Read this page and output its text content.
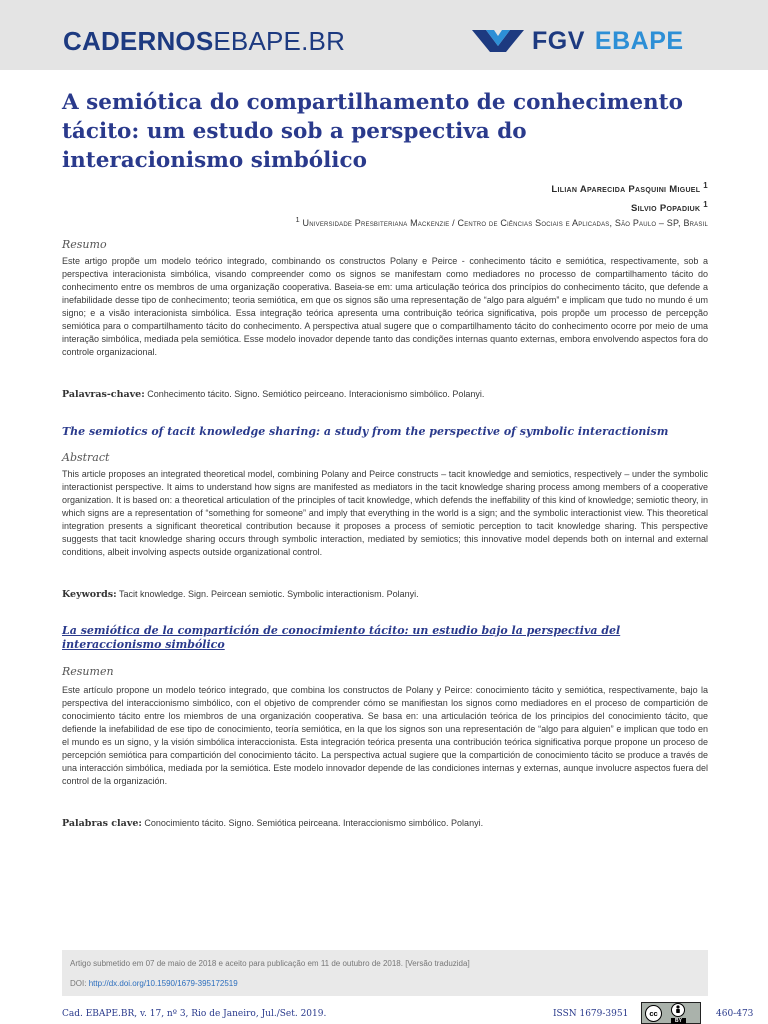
CADERNOSEBAPE.BR	FGV EBAPE
A semiótica do compartilhamento de conhecimento tácito: um estudo sob a perspectiva do interacionismo simbólico
Lilian Aparecida Pasquini Miguel $^1$
Silvio Popadiuk $^1$
$^1$ Universidade Presbiteriana Mackenzie / Centro de Ciências Sociais e Aplicadas, São Paulo – SP, Brasil
Resumo

Este artigo propõe um modelo teórico integrado, combinando os constructos Polany e Peirce - conhecimento tácito e semiótica, respectivamente, sob a perspectiva interacionista simbólica, visando compreender como os signos se manifestam como mediadores no processo de compartilhamento tácito do conhecimento entre os membros de uma organização cooperativa. Baseia-se em: uma articulação teórica dos princípios do conhecimento tácito, que defende a inefabilidade desse tipo de conhecimento; teoria semiótica, em que os signos são uma representação de “algo para alguém” e implicam que tudo no mundo é um signo; e a visão interacionista simbólica. Essa integração teórica apresenta uma contribuição teórica significativa, pois propõe um processo de percepção semiótica para o compartilhamento tácito do conhecimento. A perspectiva atual sugere que o compartilhamento tácito do conhecimento ocorre por meio de uma interação simbólica, mediada pela semiótica. Esse modelo inovador depende tanto das condições internas quanto externas, embora envolvendo aspectos fora do controle organizacional.

Palavras-chave: Conhecimento tácito. Signo. Semiótico peirceano. Interacionismo simbólico. Polanyi.
The semiotics of tacit knowledge sharing: a study from the perspective of symbolic interactionism
Abstract

This article proposes an integrated theoretical model, combining Polany and Peirce constructs – tacit knowledge and semiotics, respectively – under the symbolic interactionist perspective. It aims to understand how signs are manifested as mediators in the tacit knowledge sharing process among members of a cooperative organization. It is based on: a theoretical articulation of the principles of tacit knowledge, which defends the ineffability of this kind of knowledge; semiotic theory, in which signs are a representation of “something for someone” and imply that everything in the world is a sign; and the symbolic interactionist view. This theoretical integration presents a significant theoretical contribution because it proposes a process of semiotic perception to tacit knowledge sharing. This perspective suggests that tacit knowledge sharing occurs through symbolic interaction, mediated by semiotics; this innovative model depends both on internal and external conditions, albeit involving aspects outside organizational control.

Keywords: Tacit knowledge. Sign. Peircean semiotic. Symbolic interactionism. Polanyi.
La semiótica de la compartición de conocimiento tácito: un estudio bajo la perspectiva del interaccionismo simbólico
Resumen

Este artículo propone un modelo teórico integrado, que combina los constructos de Polany y Peirce: conocimiento tácito y semiótica, respectivamente, bajo la perspectiva del interaccionismo simbólico, con el objetivo de comprender cómo se manifiestan los signos como mediadores en el proceso de compartición de conocimiento tácito entre los miembros de una organización cooperativa. Se basa en: una articulación teórica de los principios del conocimiento tácito, que defiende la inefabilidad de ese tipo de conocimiento, teoría semiótica, en la que los signos son una representación de “algo para alguien” e implican que todo en el mundo es un signo, y la visión simbólica interaccionista. Esta integración teórica presenta una contribución teórica significativa porque propone un proceso de percepción semiótica para compartición del conocimiento tácito. La perspectiva actual sugiere que la compartición de conocimiento tácito se produce a través de una interacción simbólica, mediada por la semiótica. Este modelo innovador depende de las condiciones internas y externas, aunque involucre aspectos fuera del control de la organización.

Palabras clave: Conocimiento tácito. Signo. Semiótica peirceana. Interaccionismo simbólico. Polanyi.
Artigo submetido em 07 de maio de 2018 e aceito para publicação em 11 de outubro de 2018. [Versão traduzida]
DOI: http://dx.doi.org/10.1590/1679-395172519
Cad. EBAPE.BR, v. 17, nº 3, Rio de Janeiro, Jul./Set. 2019.	ISSN 1679-3951	cc
BY
460-473
